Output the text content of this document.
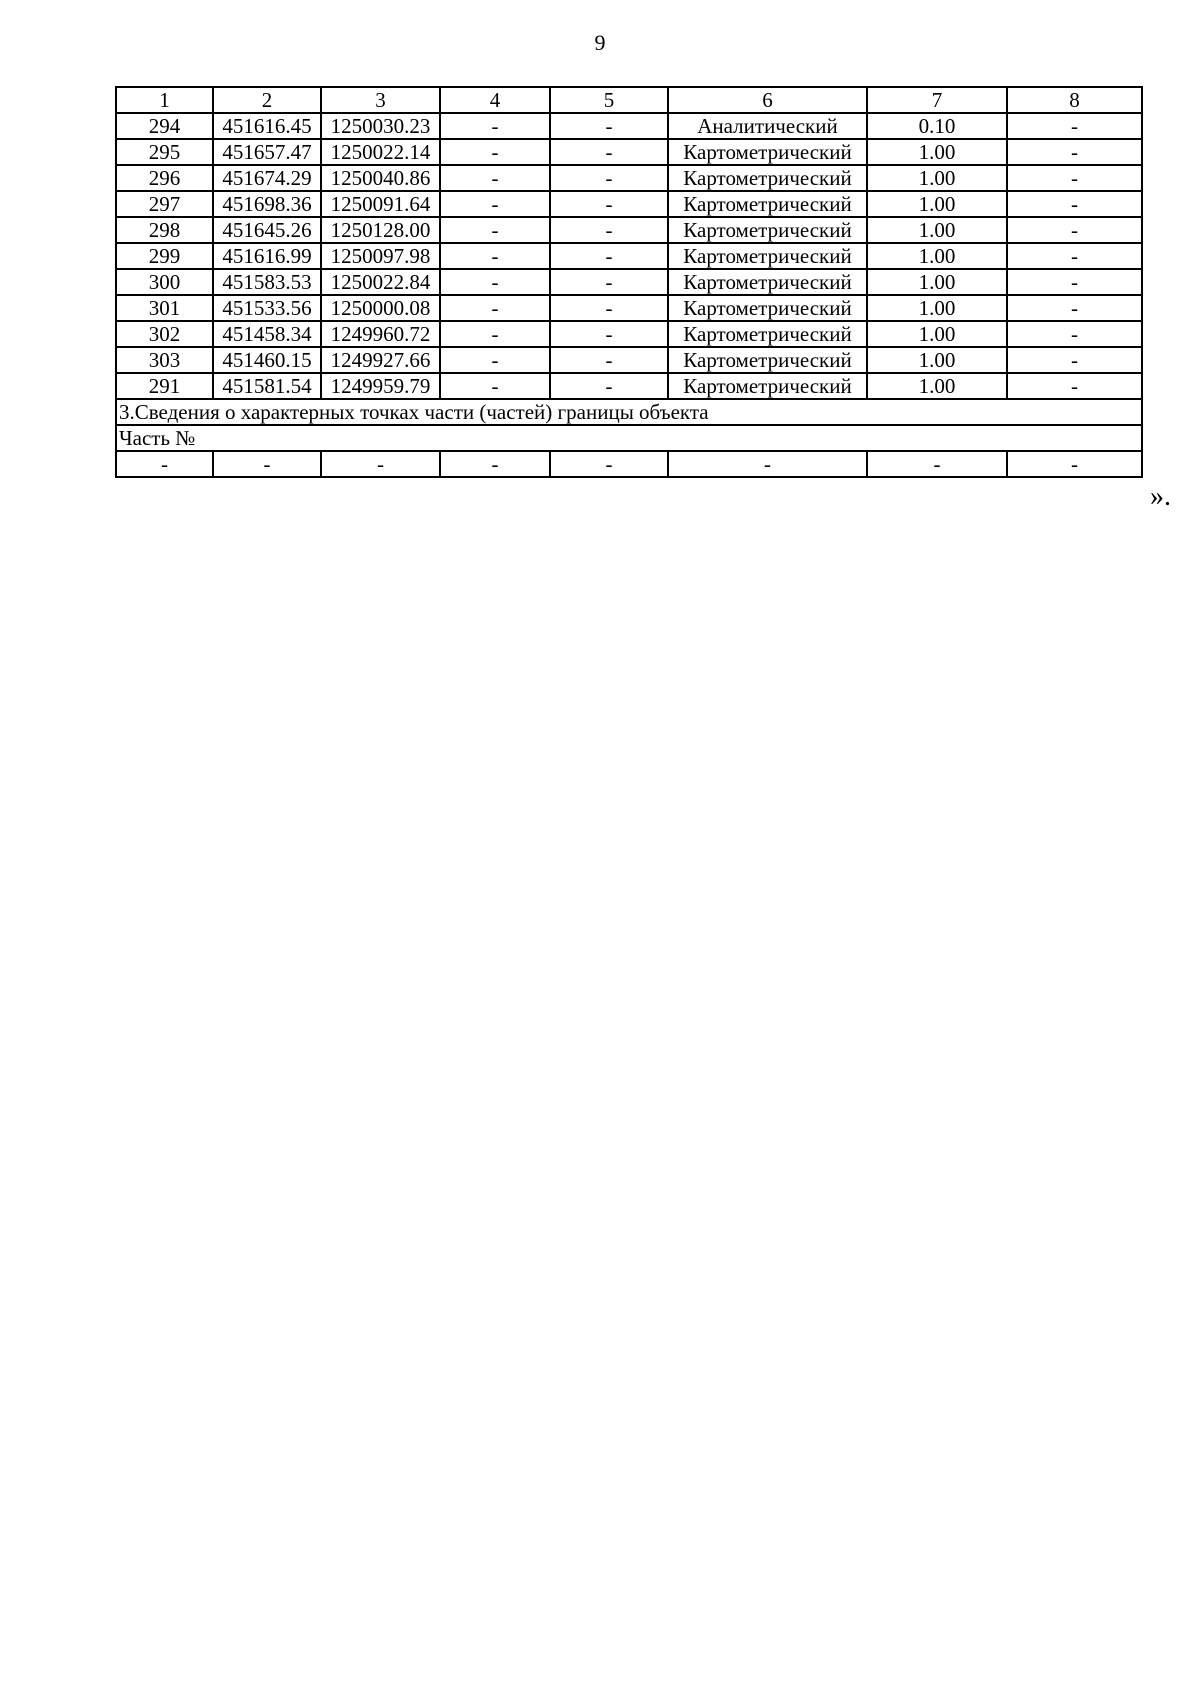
9
1	2	3	4	5	6	7	8
294	451616.45	1250030.23	-	-	Аналитический	0.10	-
295	451657.47	1250022.14	-	-	Картометрический	1.00	-
296	451674.29	1250040.86	-	-	Картометрический	1.00	-
297	451698.36	1250091.64	-	-	Картометрический	1.00	-
298	451645.26	1250128.00	-	-	Картометрический	1.00	-
299	451616.99	1250097.98	-	-	Картометрический	1.00	-
300	451583.53	1250022.84	-	-	Картометрический	1.00	-
301	451533.56	1250000.08	-	-	Картометрический	1.00	-
302	451458.34	1249960.72	-	-	Картометрический	1.00	-
303	451460.15	1249927.66	-	-	Картометрический	1.00	-
291	451581.54	1249959.79	-	-	Картометрический	1.00	-
3.Сведения о характерных точках части (частей) границы объекта							
Часть №							
-	-	-	-	-	-	-	-
».
